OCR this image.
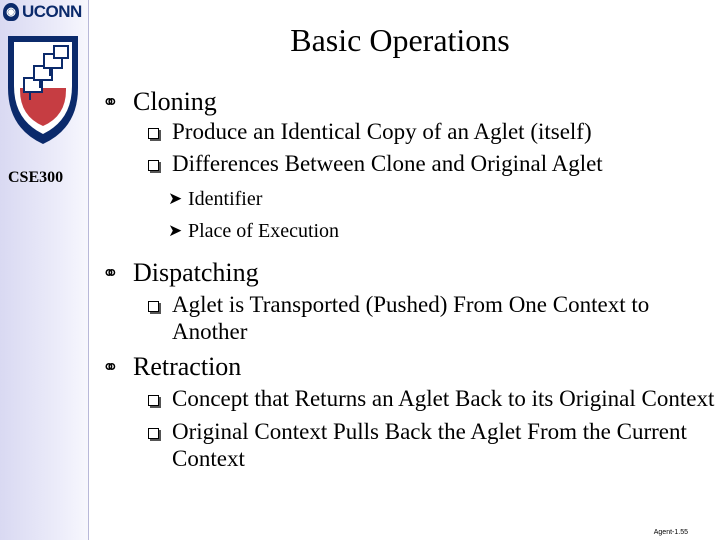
◉ UCONN
CSE300
Basic Operations
⚭ Cloning
Produce an Identical Copy of an Aglet (itself)
Differences Between Clone and Original Aglet
➤ Identifier
➤ Place of Execution
⚭ Dispatching
Aglet is Transported (Pushed) From One Context to Another
⚭ Retraction
Concept that Returns an Aglet Back to its Original Context
Original Context Pulls Back the Aglet From the Current Context
Agent-1.55
